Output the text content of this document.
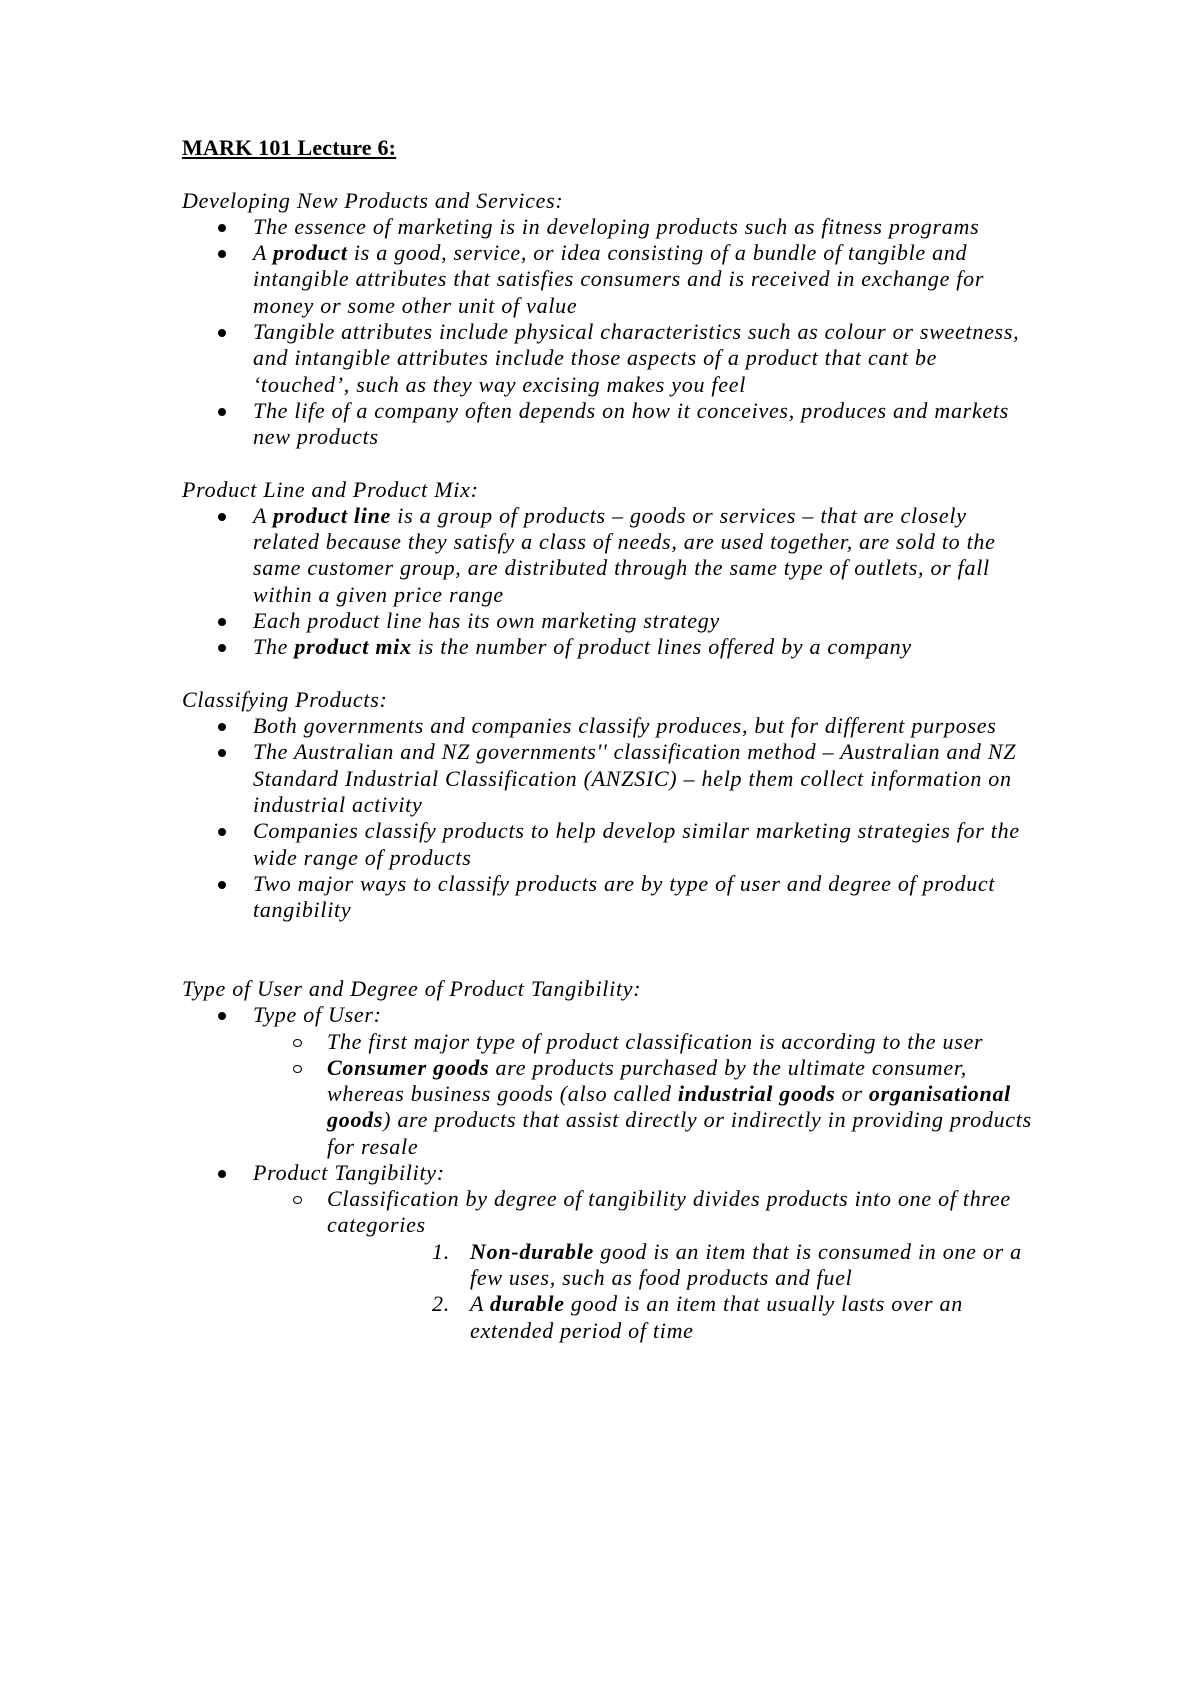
MARK 101 Lecture 6:
Developing New Products and Services:
The essence of marketing is in developing products such as fitness programs
A product is a good, service, or idea consisting of a bundle of tangible and intangible attributes that satisfies consumers and is received in exchange for money or some other unit of value
Tangible attributes include physical characteristics such as colour or sweetness, and intangible attributes include those aspects of a product that cant be ‘touched’, such as they way excising makes you feel
The life of a company often depends on how it conceives, produces and markets new products
Product Line and Product Mix:
A product line is a group of products – goods or services – that are closely related because they satisfy a class of needs, are used together, are sold to the same customer group, are distributed through the same type of outlets, or fall within a given price range
Each product line has its own marketing strategy
The product mix is the number of product lines offered by a company
Classifying Products:
Both governments and companies classify produces, but for different purposes
The Australian and NZ governments'' classification method – Australian and NZ Standard Industrial Classification (ANZSIC) – help them collect information on industrial activity
Companies classify products to help develop similar marketing strategies for the wide range of products
Two major ways to classify products are by type of user and degree of product tangibility
Type of User and Degree of Product Tangibility:
Type of User:
The first major type of product classification is according to the user
Consumer goods are products purchased by the ultimate consumer, whereas business goods (also called industrial goods or organisational goods) are products that assist directly or indirectly in providing products for resale
Product Tangibility:
Classification by degree of tangibility divides products into one of three categories
1. Non-durable good is an item that is consumed in one or a few uses, such as food products and fuel
2. A durable good is an item that usually lasts over an extended period of time
